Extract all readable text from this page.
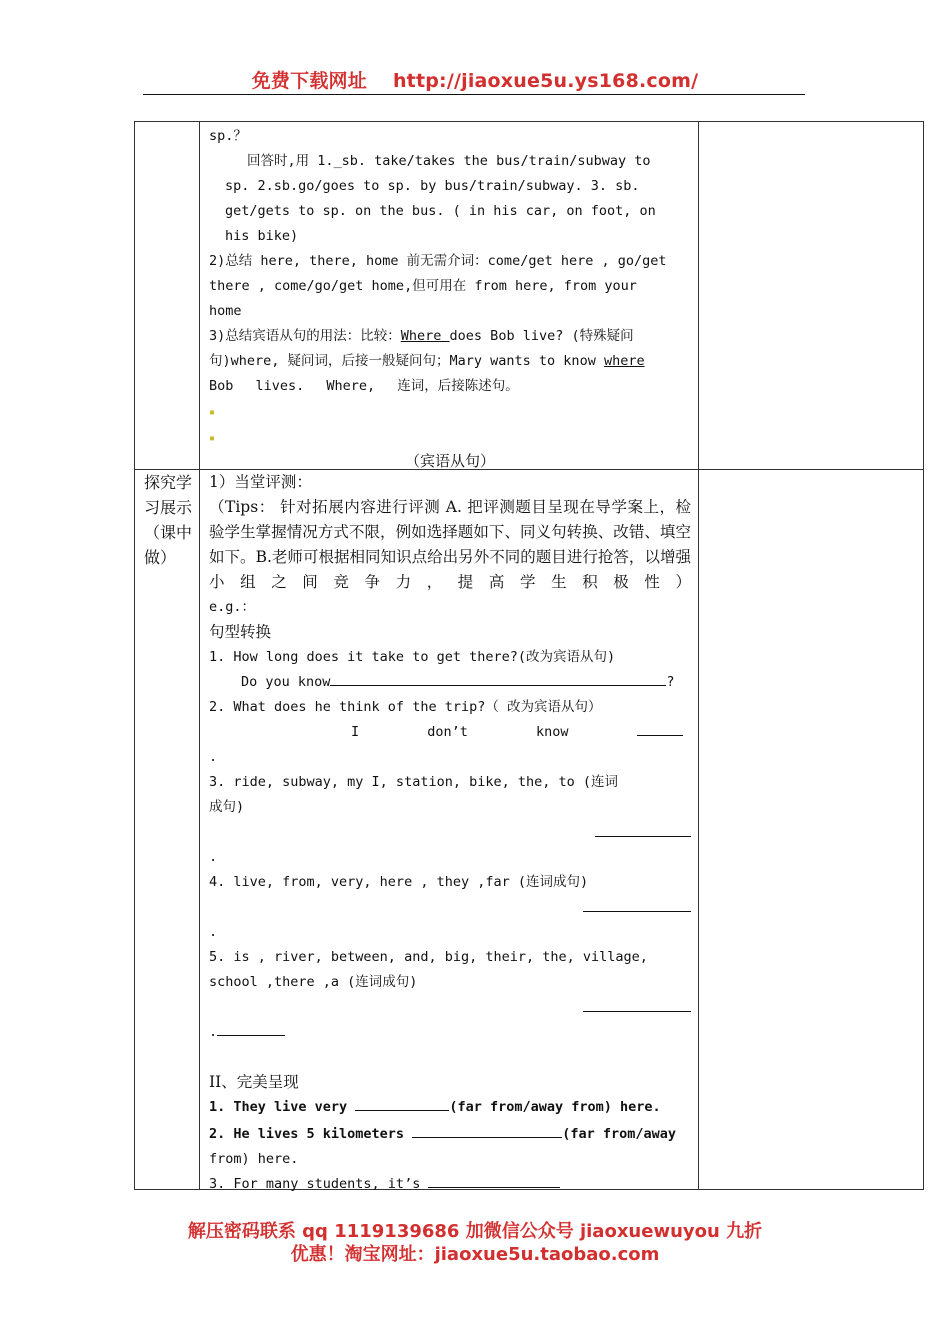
免费下载网址 http://jiaoxue5u.ys168.com/
sp.？
回答时,用 1._sb. take/takes the bus/train/subway to
sp. 2.sb.go/goes to sp. by bus/train/subway. 3. sb.
get/gets to sp. on the bus. ( in his car, on foot, on
his bike)
2)总结 here, there, home 前无需介词：come/get here , go/get
there , come/go/get home,但可用在 from here, from your
home
3)总结宾语从句的用法：比较：Where does Bob live? (特殊疑问
句)where, 疑问词，后接一般疑问句；Mary wants to know where
Bob lives. Where, 连词，后接陈述句。
▪
▪
（宾语从句）
探究学习展示（课中做）
1）当堂评测：
（Tips： 针对拓展内容进行评测 A. 把评测题目呈现在导学案上，检验学生掌握情况方式不限，例如选择题如下、同义句转换、改错、填空如下。B.老师可根据相同知识点给出另外不同的题目进行抢答，以增强小组之间竞争力，提高学生积极性）
e.g.：
句型转换
1. How long does it take to get there?(改为宾语从句)
Do you know	?
2. What does he think of the trip?（ 改为宾语从句）
I don’t know
.
3. ride, subway, my I, station, bike, the, to (连词
成句)
.
4. live, from, very, here , they ,far (连词成句)
.
5. is , river, between, and, big, their, the, village,
school ,there ,a (连词成句)
.
II、完美呈现
1. They live very	(far from/away from) here.
2. He lives 5 kilometers	(far from/away
from) here.
3. For many students, it’s
解压密码联系 qq 1119139686 加微信公众号 jiaoxuewuyou 九折
优惠！淘宝网址：jiaoxue5u.taobao.com
